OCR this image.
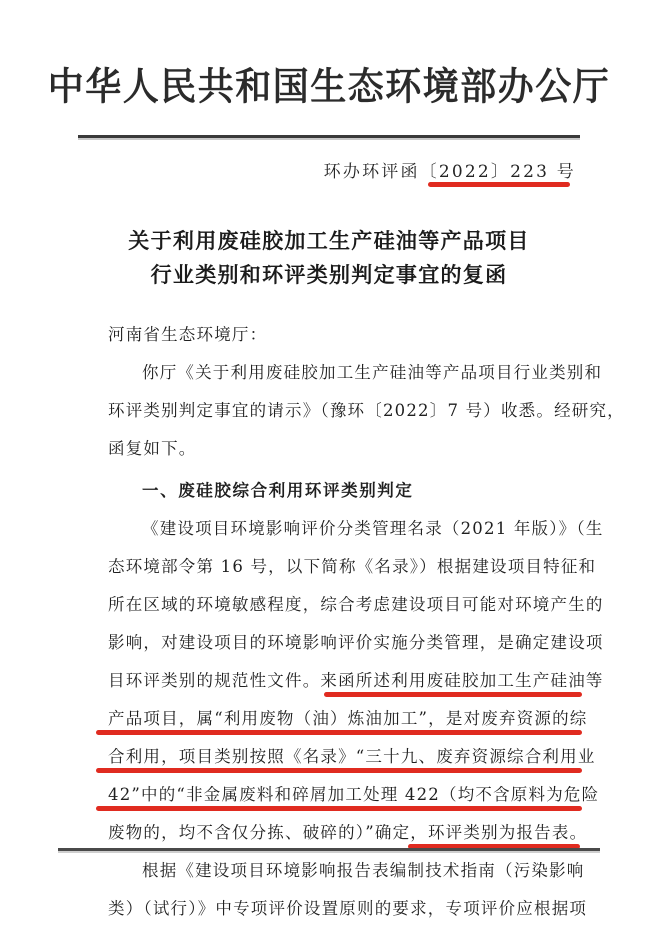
中华人民共和国生态环境部办公厅
环办环评函〔2022〕223 号
关于利用废硅胶加工生产硅油等产品项目
行业类别和环评类别判定事宜的复函
河南省生态环境厅：
你厅《关于利用废硅胶加工生产硅油等产品项目行业类别和
环评类别判定事宜的请示》（豫环〔2022〕7 号）收悉。经研究，
函复如下。
一、废硅胶综合利用环评类别判定
《建设项目环境影响评价分类管理名录（2021 年版）》（生
态环境部令第 16 号，以下简称《名录》）根据建设项目特征和
所在区域的环境敏感程度，综合考虑建设项目可能对环境产生的
影响，对建设项目的环境影响评价实施分类管理，是确定建设项
目环评类别的规范性文件。来函所述利用废硅胶加工生产硅油等
产品项目，属“利用废物（油）炼油加工”，是对废弃资源的综
合利用，项目类别按照《名录》“三十九、废弃资源综合利用业
42”中的“非金属废料和碎屑加工处理 422（均不含原料为危险
废物的，均不含仅分拣、破碎的）”确定，环评类别为报告表。
根据《建设项目环境影响报告表编制技术指南（污染影响
类）（试行）》中专项评价设置原则的要求，专项评价应根据项
